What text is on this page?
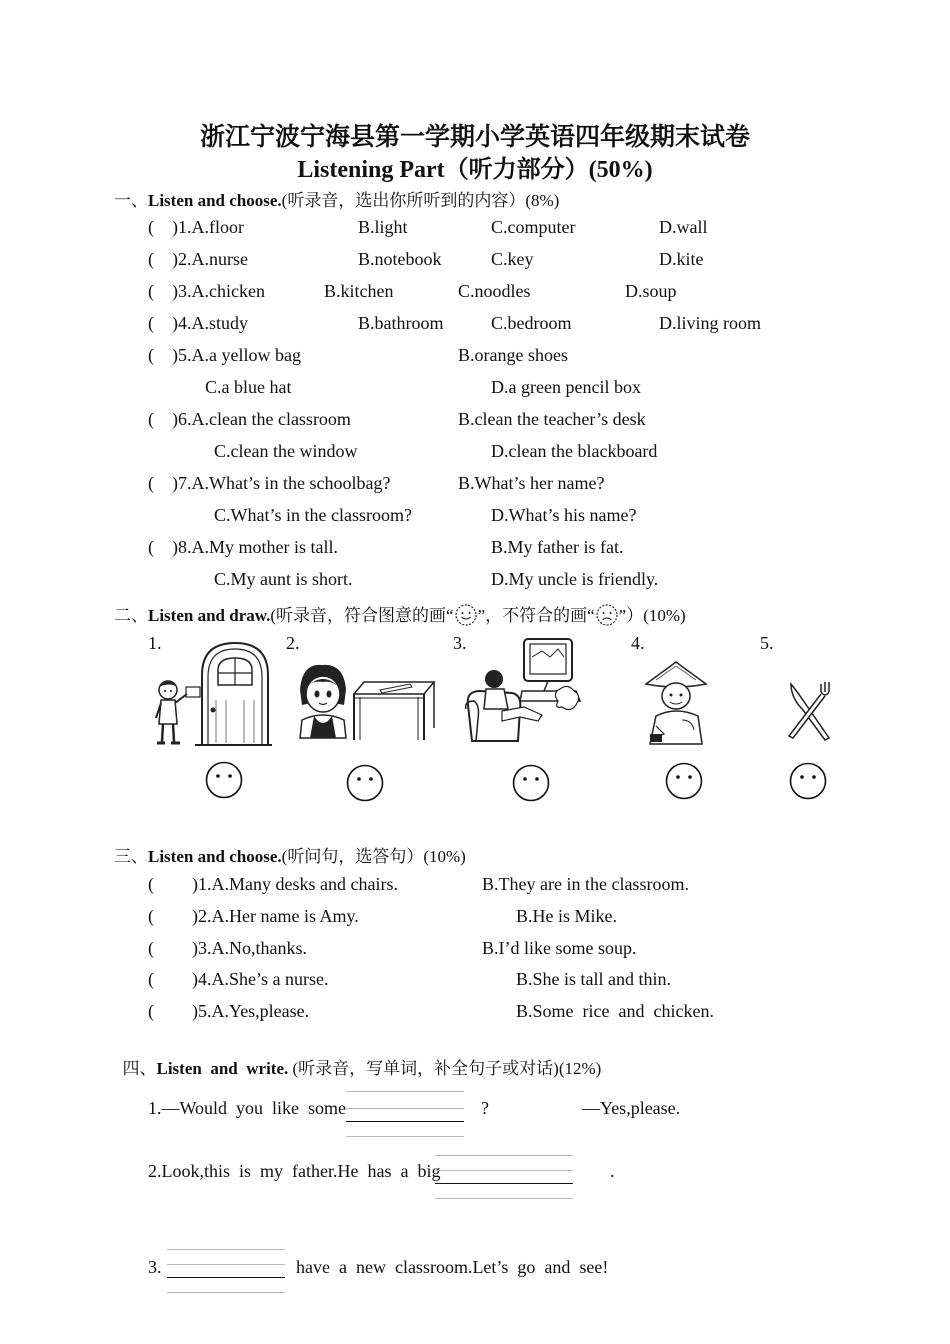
浙江宁波宁海县第一学期小学英语四年级期末试卷
Listening Part（听力部分）(50%)
一、Listen and choose.(听录音，选出你所听到的内容）(8%)
( )1.A.floor	B.light	C.computer	D.wall
( )2.A.nurse	B.notebook	C.key	D.kite
( )3.A.chicken	B.kitchen	C.noodles	D.soup
( )4.A.study	B.bathroom	C.bedroom	D.living room
( )5.A.a yellow bag	B.orange shoes
C.a blue hat	D.a green pencil box
( )6.A.clean the classroom	B.clean the teacher’s desk
C.clean the window	D.clean the blackboard
( )7.A.What’s in the schoolbag?	B.What’s her name?
C.What’s in the classroom?	D.What’s his name?
( )8.A.My mother is tall.	B.My father is fat.
C.My aunt is short.	D.My uncle is friendly.
二、Listen and draw.(听录音，符合图意的画“ ”，不符合的画“ ”）(10%)
1.	2.	3.	4.	5.
三、Listen and choose.(听问句，选答句）(10%)
( )1.A.Many desks and chairs.	B.They are in the classroom.
( )2.A.Her name is Amy.	B.He is Mike.
( )3.A.No,thanks.	B.I’d like some soup.
( )4.A.She’s a nurse.	B.She is tall and thin.
( )5.A.Yes,please.	B.Some  rice  and  chicken.

四、Listen  and  write. (听录音，写单词，补全句子或对话)(12%)

1.—Would  you  like  some	?	—Yes,please.
2.Look,this  is  my  father.He  has  a  big	.
3.	have  a  new  classroom.Let’s  go  and  see!
